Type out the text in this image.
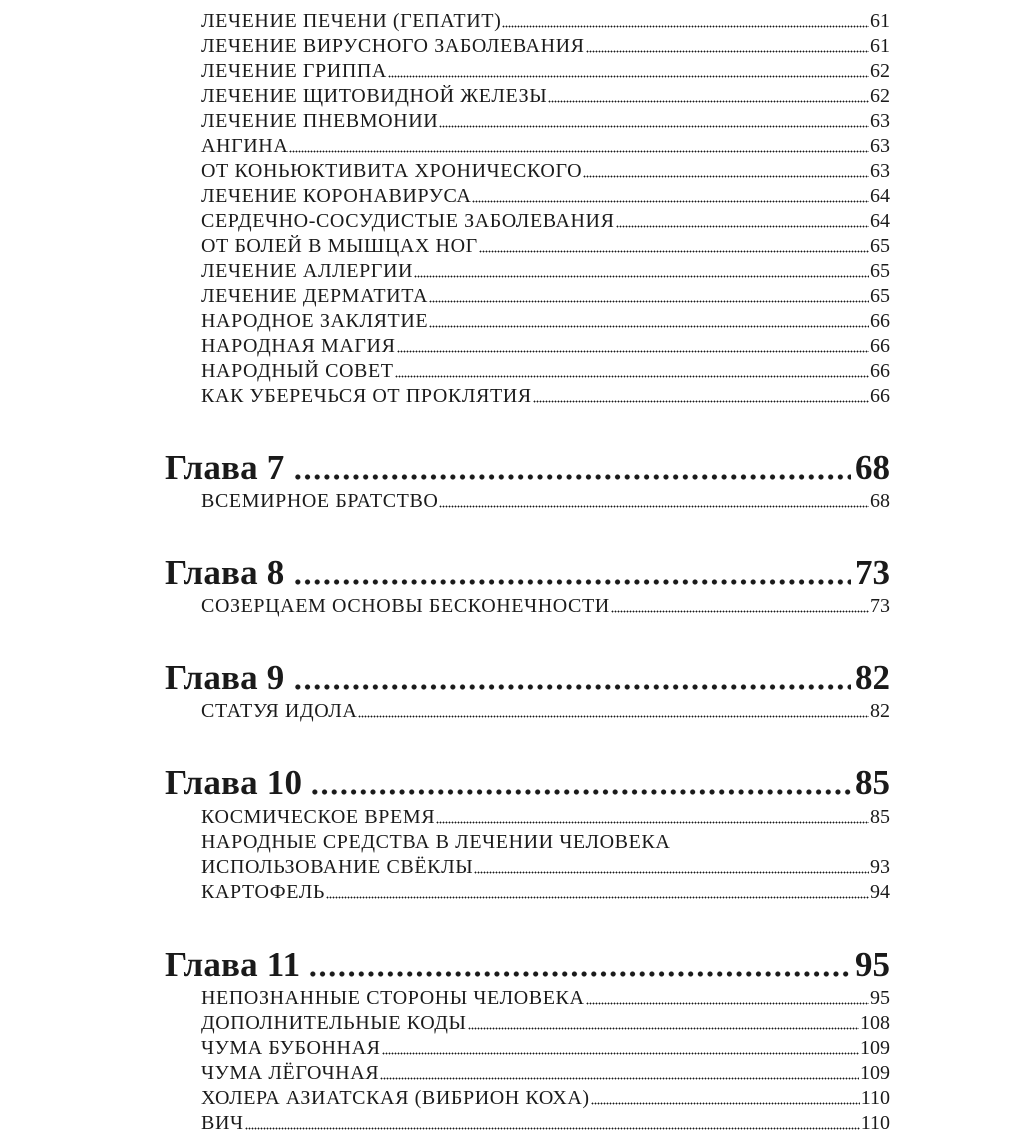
ЛЕЧЕНИЕ ПЕЧЕНИ (ГЕПАТИТ)	61
ЛЕЧЕНИЕ ВИРУСНОГО ЗАБОЛЕВАНИЯ	61
ЛЕЧЕНИЕ ГРИППА	62
ЛЕЧЕНИЕ ЩИТОВИДНОЙ ЖЕЛЕЗЫ	62
ЛЕЧЕНИЕ ПНЕВМОНИИ	63
АНГИНА	63
ОТ КОНЬЮКТИВИТА ХРОНИЧЕСКОГО	63
ЛЕЧЕНИЕ КОРОНАВИРУСА	64
СЕРДЕЧНО-СОСУДИСТЫЕ ЗАБОЛЕВАНИЯ	64
ОТ БОЛЕЙ В МЫШЦАХ НОГ	65
ЛЕЧЕНИЕ АЛЛЕРГИИ	65
ЛЕЧЕНИЕ ДЕРМАТИТА	65
НАРОДНОЕ ЗАКЛЯТИЕ	66
НАРОДНАЯ МАГИЯ	66
НАРОДНЫЙ СОВЕТ	66
КАК УБЕРЕЧЬСЯ ОТ ПРОКЛЯТИЯ	66
Глава 7	68
ВСЕМИРНОЕ БРАТСТВО	68
Глава 8	73
СОЗЕРЦАЕМ ОСНОВЫ БЕСКОНЕЧНОСТИ	73
Глава 9	82
СТАТУЯ ИДОЛА	82
Глава 10	85
КОСМИЧЕСКОЕ ВРЕМЯ	85
НАРОДНЫЕ СРЕДСТВА В ЛЕЧЕНИИ ЧЕЛОВЕКА
ИСПОЛЬЗОВАНИЕ СВЁКЛЫ	93
КАРТОФЕЛЬ	94
Глава 11	95
НЕПОЗНАННЫЕ СТОРОНЫ ЧЕЛОВЕКА	95
ДОПОЛНИТЕЛЬНЫЕ КОДЫ	108
ЧУМА БУБОННАЯ	109
ЧУМА ЛЁГОЧНАЯ	109
ХОЛЕРА АЗИАТСКАЯ (ВИБРИОН КОХА)	110
ВИЧ	110
